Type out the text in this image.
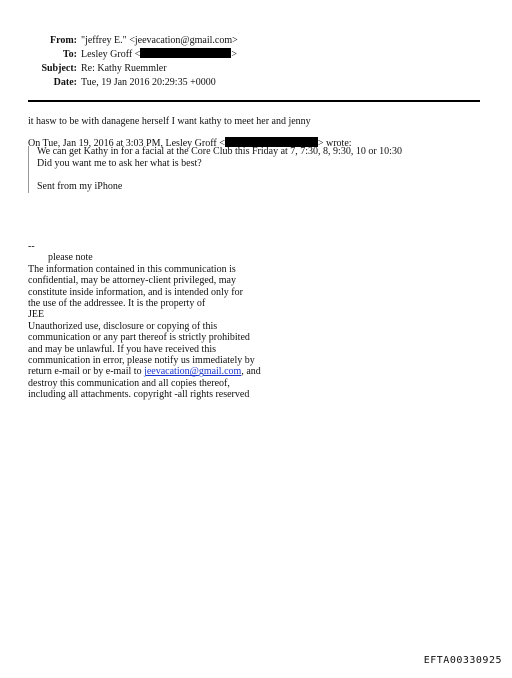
From: "jeffrey E." <jeevacation@gmail.com>
To: Lesley Groff <	>
Subject: Re: Kathy Ruemmler
Date: Tue, 19 Jan 2016 20:29:35 +0000
it hasw to be with danagene herself I want kathy to meet her and jenny
On Tue, Jan 19, 2016 at 3:03 PM, Lesley Groff <	> wrote:
We can get Kathy in for a facial at the Core Club this Friday at 7, 7:30, 8, 9:30, 10 or 10:30
Did you want me to ask her what is best?
Sent from my iPhone
--
please note
The information contained in this communication is
confidential, may be attorney-client privileged, may
constitute inside information, and is intended only for
the use of the addressee. It is the property of
JEE
Unauthorized use, disclosure or copying of this
communication or any part thereof is strictly prohibited
and may be unlawful. If you have received this
communication in error, please notify us immediately by
return e-mail or by e-mail to jeevacation@gmail.com, and
destroy this communication and all copies thereof,
including all attachments. copyright -all rights reserved
EFTA00330925
